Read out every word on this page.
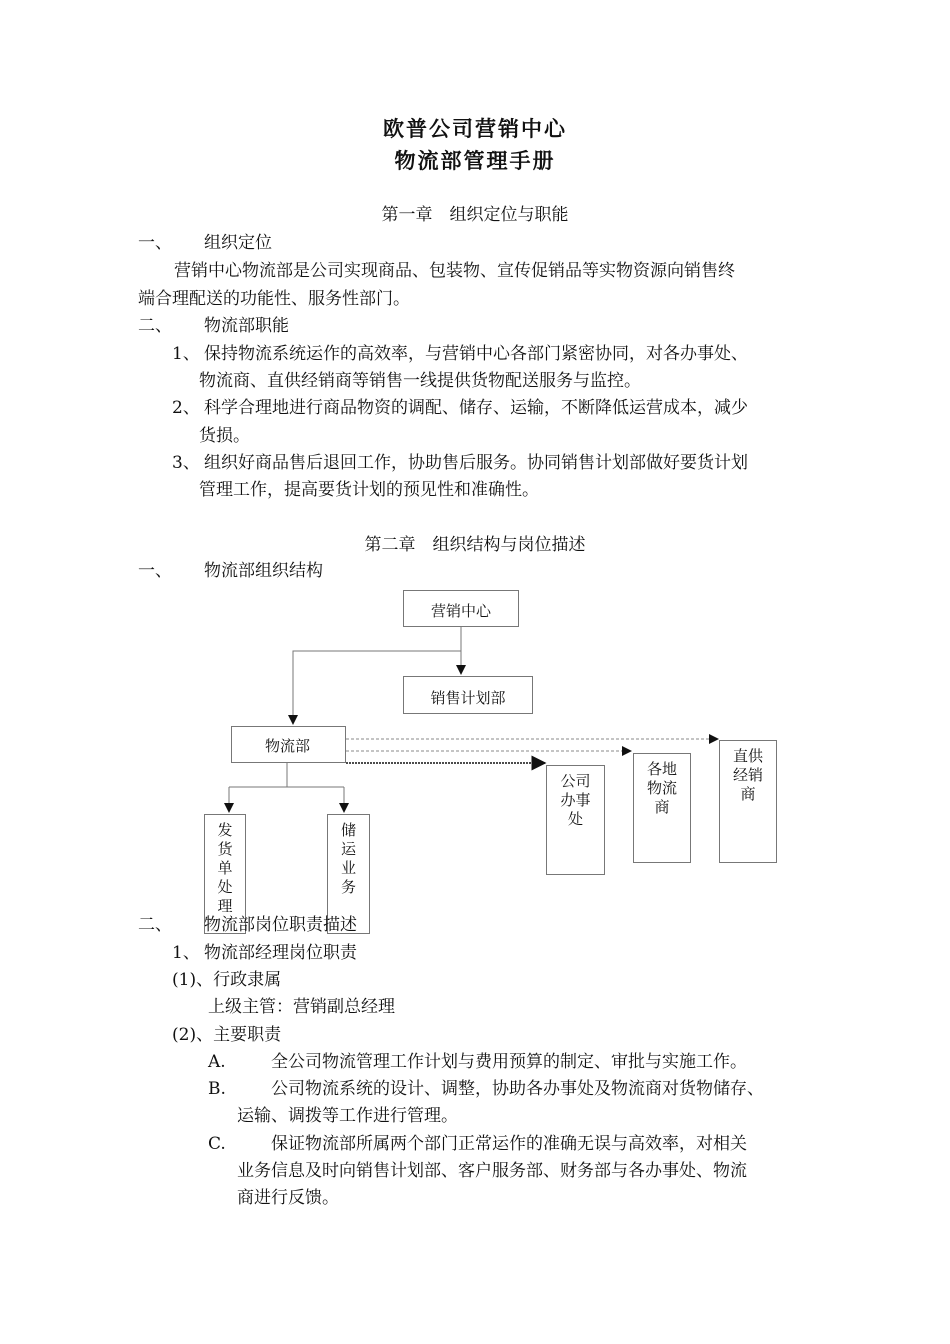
欧普公司营销中心
物流部管理手册
第一章　组织定位与职能
一、 组织定位
营销中心物流部是公司实现商品、包装物、宣传促销品等实物资源向销售终
端合理配送的功能性、服务性部门。
二、 物流部职能
1、 保持物流系统运作的高效率，与营销中心各部门紧密协同，对各办事处、
物流商、直供经销商等销售一线提供货物配送服务与监控。
2、 科学合理地进行商品物资的调配、储存、运输，不断降低运营成本，减少
货损。
3、 组织好商品售后退回工作，协助售后服务。协同销售计划部做好要货计划
管理工作，提高要货计划的预见性和准确性。
第二章　组织结构与岗位描述
一、 物流部组织结构
营销中心
销售计划部
物流部
发货单处理
储运业务
公司办事处
各地物流商
直供经销商
二、 物流部岗位职责描述
1、 物流部经理岗位职责
(1)、行政隶属
上级主管：营销副总经理
(2)、主要职责
A.	全公司物流管理工作计划与费用预算的制定、审批与实施工作。
B.	公司物流系统的设计、调整，协助各办事处及物流商对货物储存、
运输、调拨等工作进行管理。
C.	保证物流部所属两个部门正常运作的准确无误与高效率，对相关
业务信息及时向销售计划部、客户服务部、财务部与各办事处、物流
商进行反馈。
